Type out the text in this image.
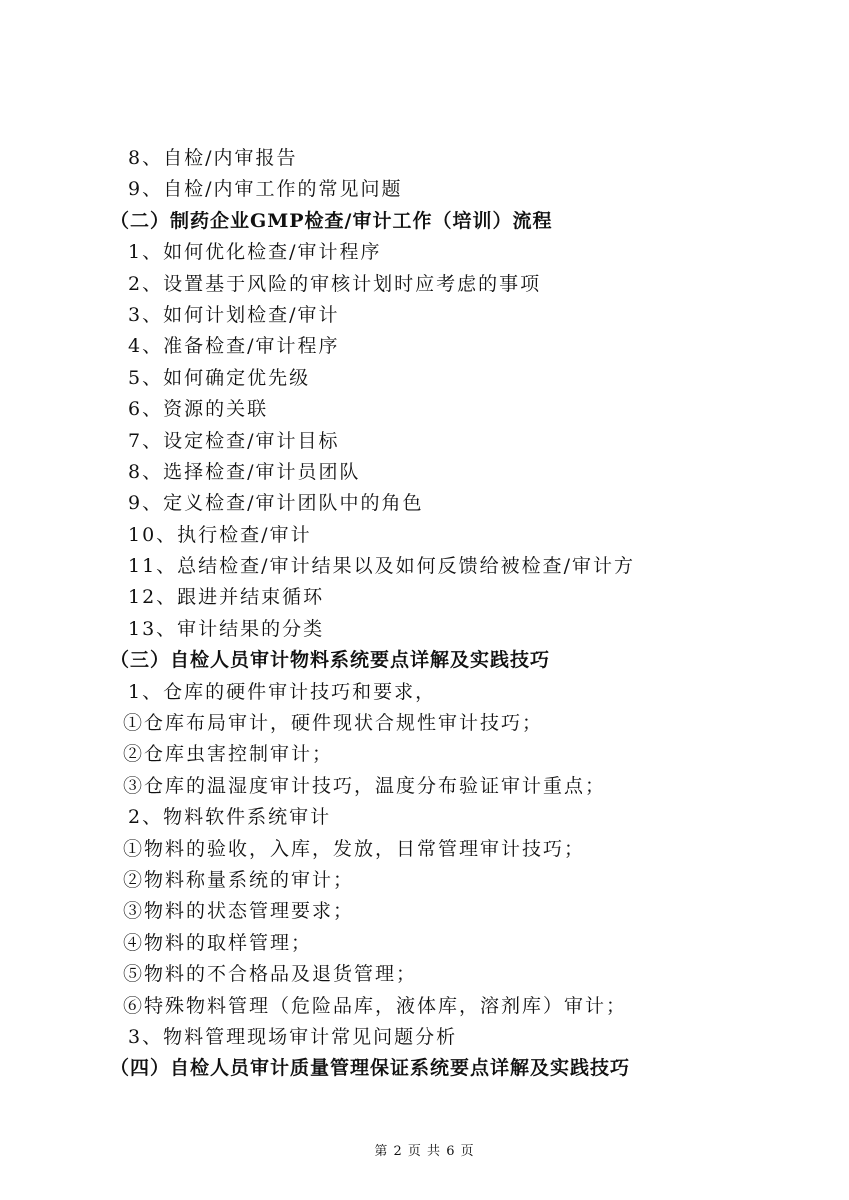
8、自检/内审报告
9、自检/内审工作的常见问题
（二）制药企业GMP检查/审计工作（培训）流程
1、如何优化检查/审计程序
2、设置基于风险的审核计划时应考虑的事项
3、如何计划检查/审计
4、准备检查/审计程序
5、如何确定优先级
6、资源的关联
7、设定检查/审计目标
8、选择检查/审计员团队
9、定义检查/审计团队中的角色
10、执行检查/审计
11、总结检查/审计结果以及如何反馈给被检查/审计方
12、跟进并结束循环
13、审计结果的分类
（三）自检人员审计物料系统要点详解及实践技巧
1、仓库的硬件审计技巧和要求，
①仓库布局审计，硬件现状合规性审计技巧；
②仓库虫害控制审计；
③仓库的温湿度审计技巧，温度分布验证审计重点；
2、物料软件系统审计
①物料的验收，入库，发放，日常管理审计技巧；
②物料称量系统的审计；
③物料的状态管理要求；
④物料的取样管理；
⑤物料的不合格品及退货管理；
⑥特殊物料管理（危险品库，液体库，溶剂库）审计；
3、物料管理现场审计常见问题分析
（四）自检人员审计质量管理保证系统要点详解及实践技巧
第 2 页 共 6 页
